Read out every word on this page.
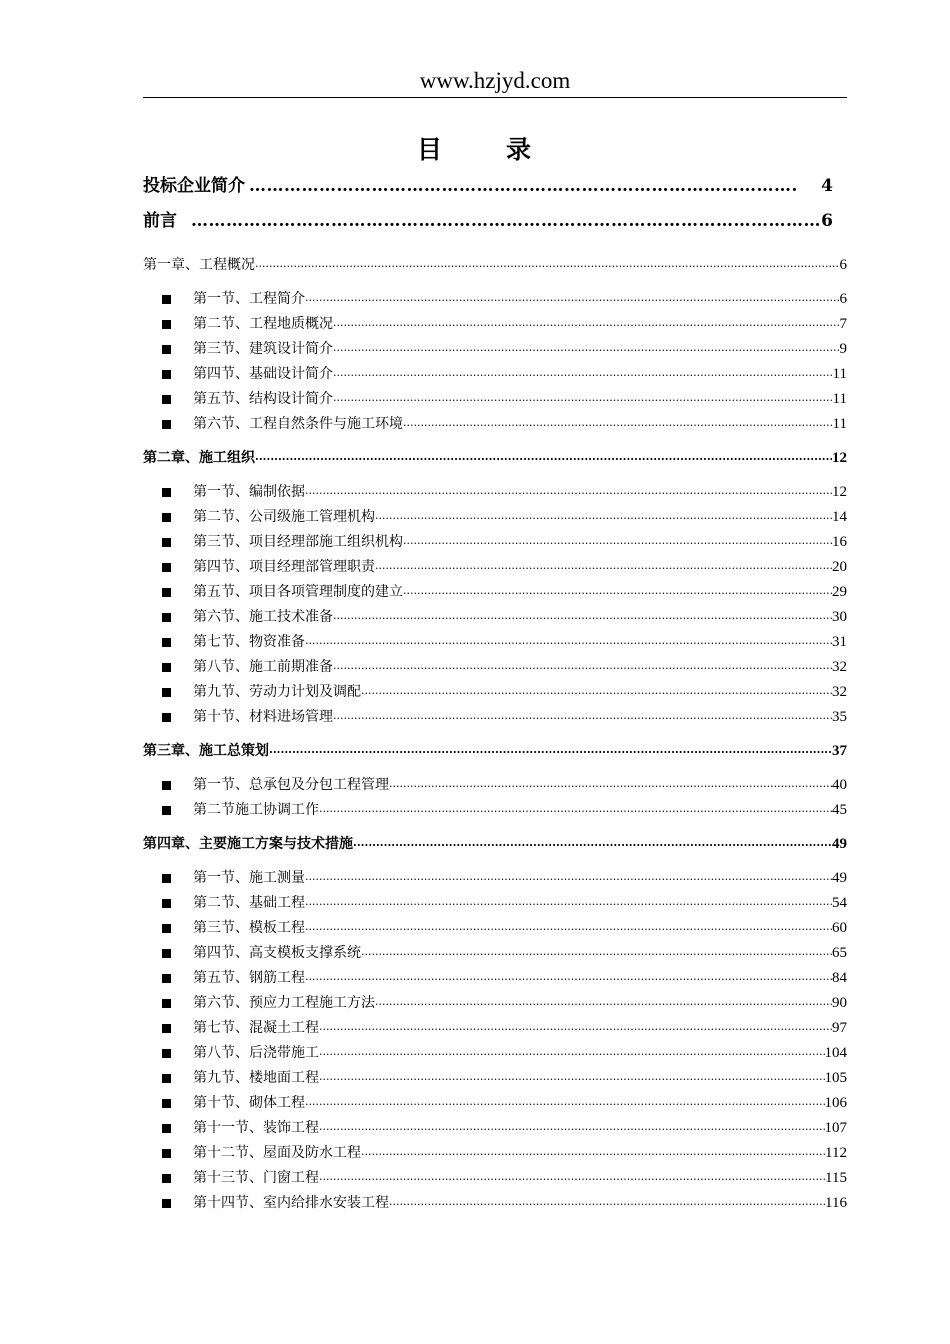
www.hzjyd.com
目 录
投标企业简介 ……………………………………………………………………………………………………………………………………………………	4
前言 ……………………………………………………………………………………………………………………………………………………	6
第一章、工程概况 .....	6
第一节、工程简介 .....	6
第二节、工程地质概况 .....	7
第三节、建筑设计简介 .....	9
第四节、基础设计简介 .....	11
第五节、结构设计简介 .....	11
第六节、工程自然条件与施工环境 .....	11
第二章、施工组织 .....	12
第一节、编制依据 .....	12
第二节、公司级施工管理机构 .....	14
第三节、项目经理部施工组织机构 .....	16
第四节、项目经理部管理职责 .....	20
第五节、项目各项管理制度的建立 .....	29
第六节、施工技术准备 .....	30
第七节、物资准备 .....	31
第八节、施工前期准备 .....	32
第九节、劳动力计划及调配 .....	32
第十节、材料进场管理 .....	35
第三章、施工总策划 .....	37
第一节、总承包及分包工程管理 .....	40
第二节施工协调工作 .....	45
第四章、主要施工方案与技术措施 .....	49
第一节、施工测量 .....	49
第二节、基础工程 .....	54
第三节、模板工程 .....	60
第四节、高支模板支撑系统 .....	65
第五节、钢筋工程 .....	84
第六节、预应力工程施工方法 .....	90
第七节、混凝土工程 .....	97
第八节、后浇带施工 .....	104
第九节、楼地面工程 .....	105
第十节、砌体工程 .....	106
第十一节、装饰工程 .....	107
第十二节、屋面及防水工程 .....	112
第十三节、门窗工程 .....	115
第十四节、室内给排水安装工程 .....	116
